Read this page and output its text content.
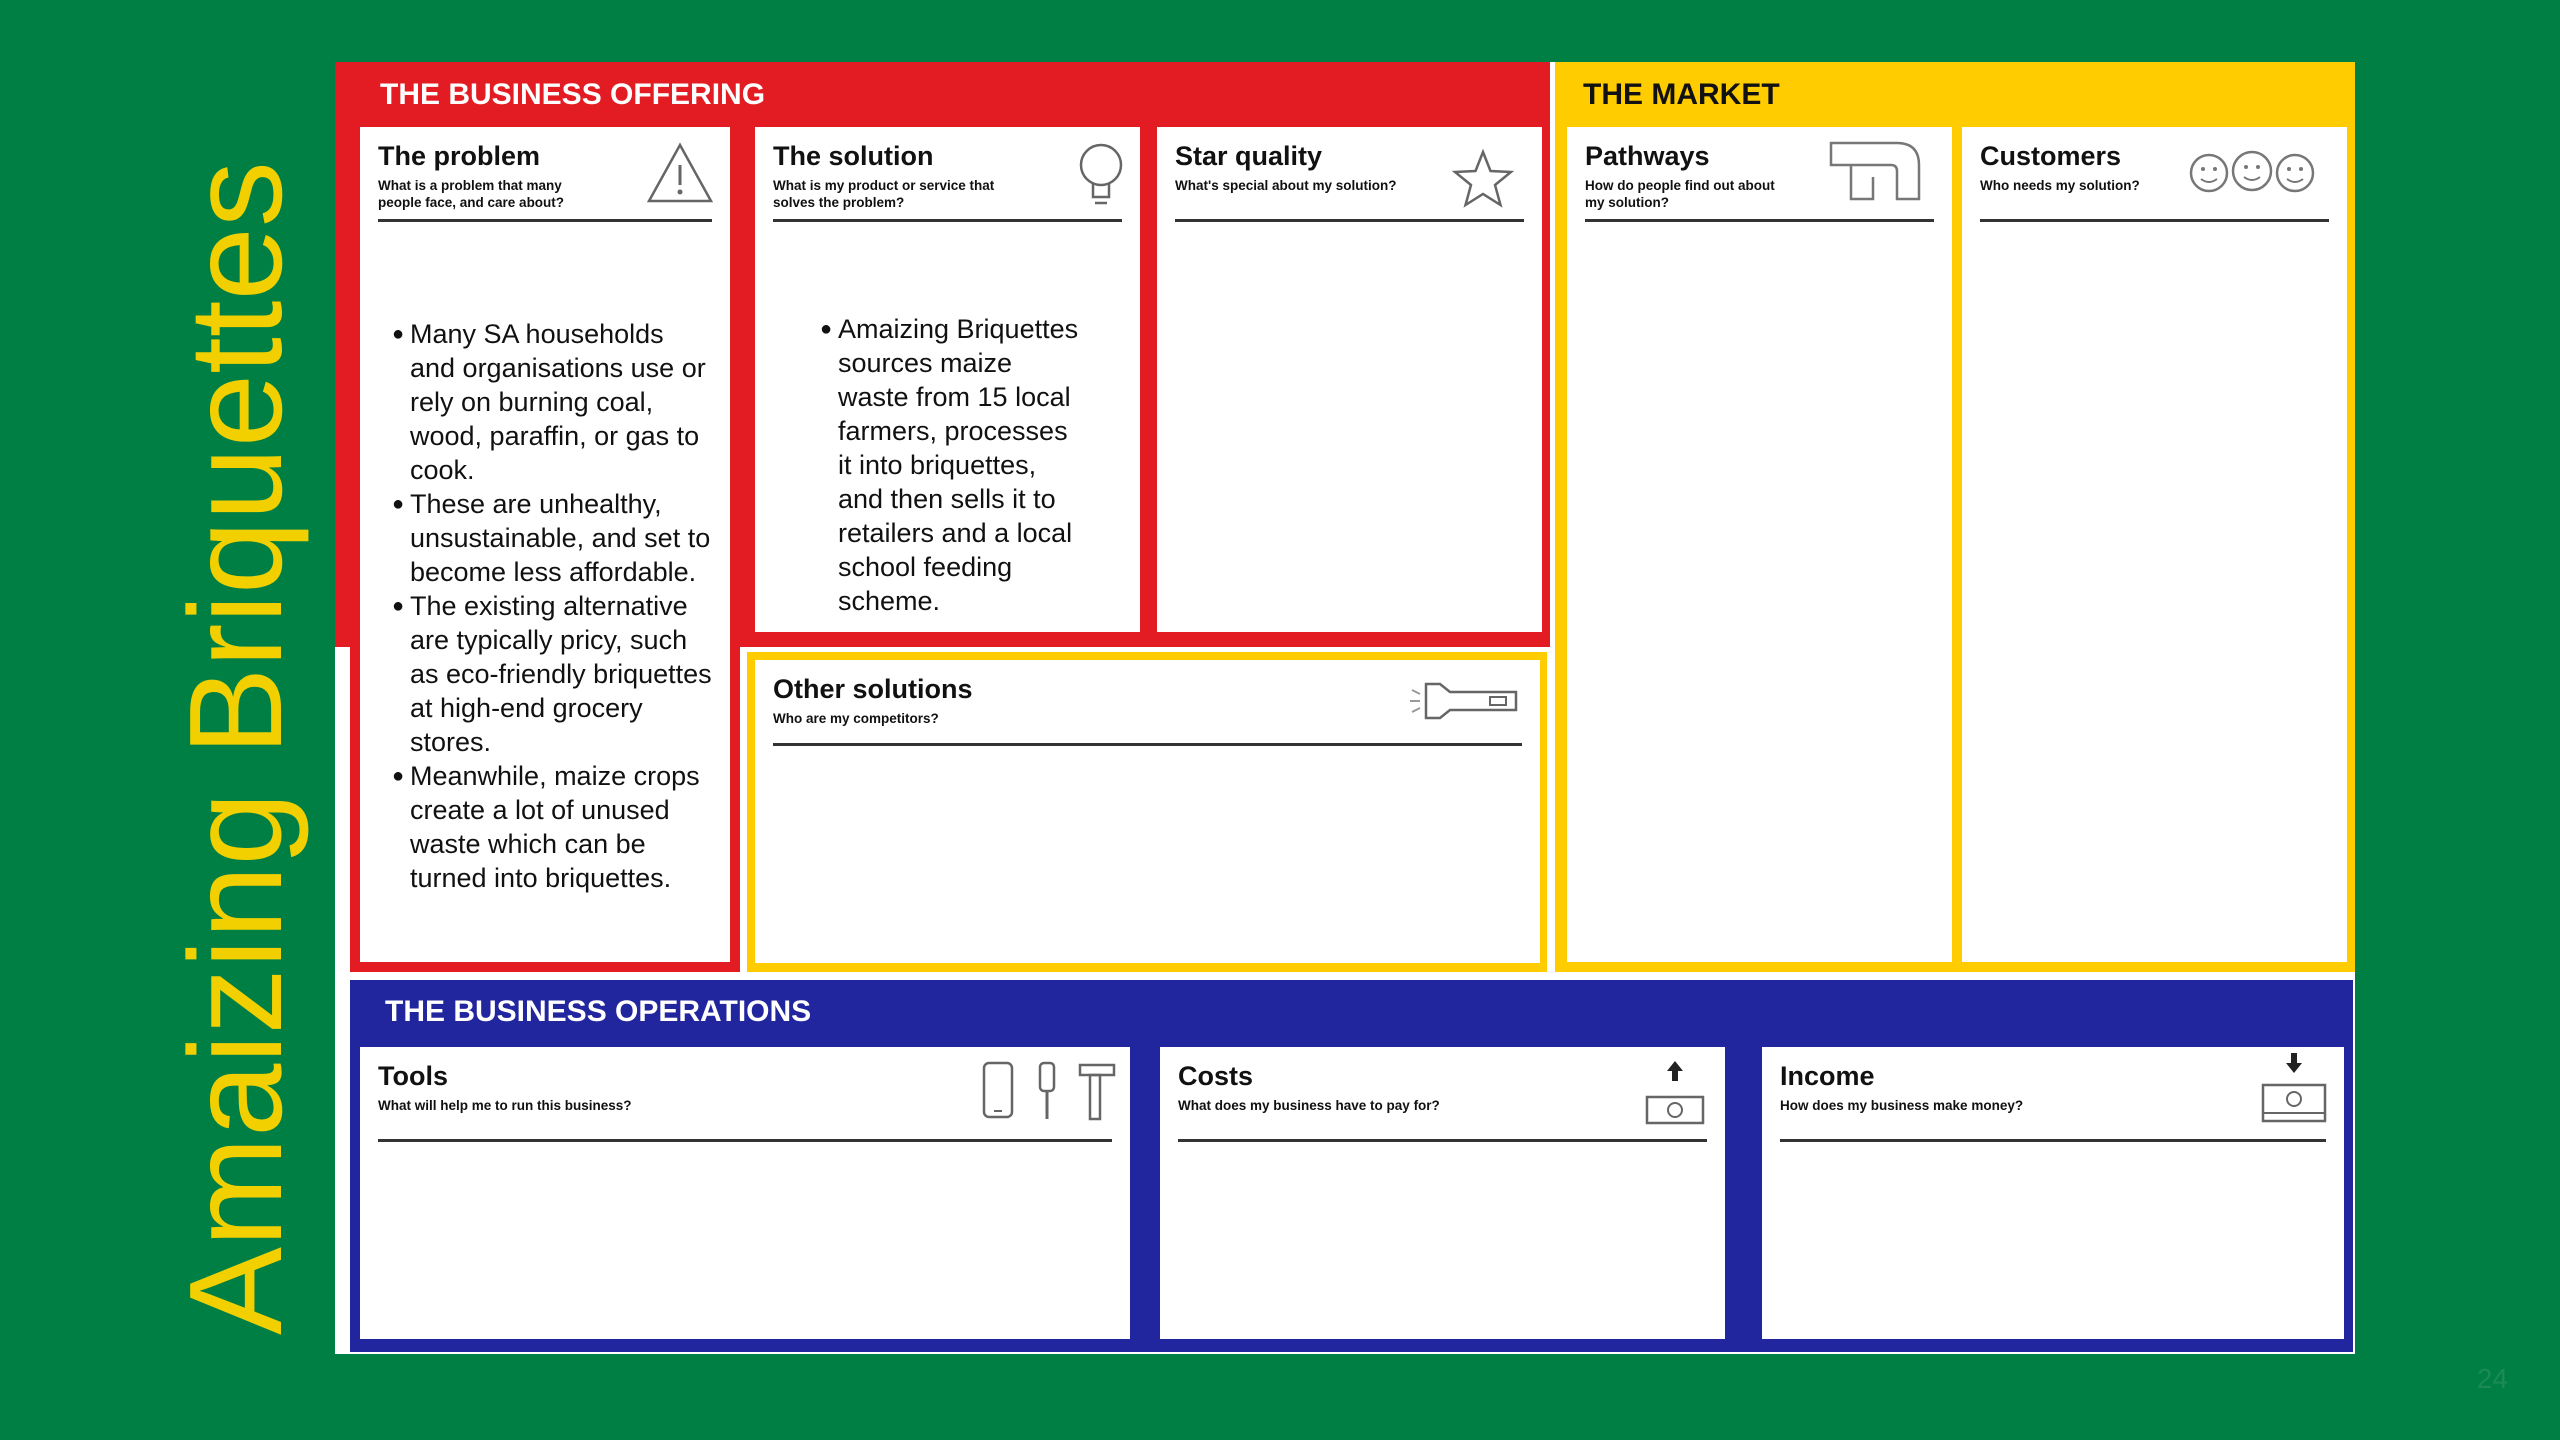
Amaizing Briquettes
THE BUSINESS OFFERING	THE MARKET
THE BUSINESS OPERATIONS
The problem
What is a problem that many people face, and care about?
● Many SA households and organisations use or rely on burning coal, wood, paraffin, or gas to cook.
● These are unhealthy, unsustainable, and set to become less affordable.
● The existing alternative are typically pricy, such as eco-friendly briquettes at high-end grocery stores.
● Meanwhile, maize crops create a lot of unused waste which can be turned into briquettes.
The solution
What is my product or service that solves the problem?
● Amaizing Briquettes sources maize waste from 15 local farmers, processes it into briquettes, and then sells it to retailers and a local school feeding scheme.
Star quality
What's special about my solution?
Other solutions
Who are my competitors?
Pathways
How do people find out about my solution?
Customers
Who needs my solution?
Tools
What will help me to run this business?
Costs
What does my business have to pay for?
Income
How does my business make money?
24
